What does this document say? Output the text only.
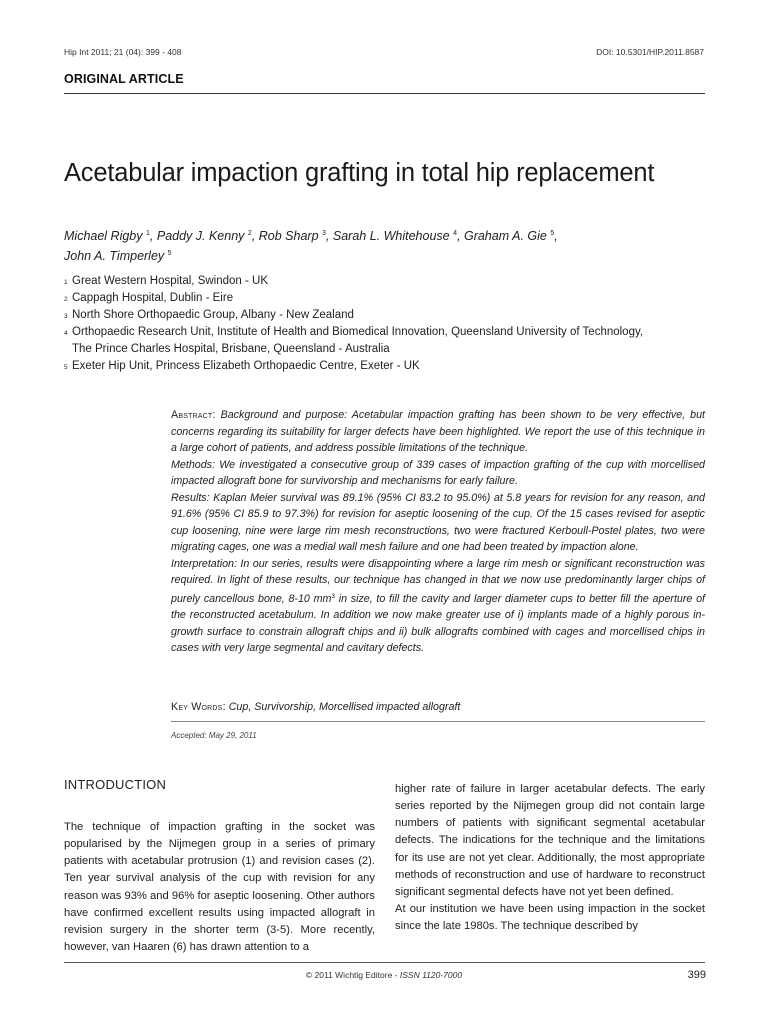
Hip Int 2011; 21 (04): 399 - 408	DOI: 10.5301/HIP.2011.8587
ORIGINAL ARTICLE
Acetabular impaction grafting in total hip replacement
Michael Rigby $^1$, Paddy J. Kenny $^2$, Rob Sharp $^3$, Sarah L. Whitehouse $^4$, Graham A. Gie $^5$,
John A. Timperley $^5$
1 Great Western Hospital, Swindon - UK
2 Cappagh Hospital, Dublin - Eire
3 North Shore Orthopaedic Group, Albany - New Zealand
4 Orthopaedic Research Unit, Institute of Health and Biomedical Innovation, Queensland University of Technology,
The Prince Charles Hospital, Brisbane, Queensland - Australia
5 Exeter Hip Unit, Princess Elizabeth Orthopaedic Centre, Exeter - UK

Abstract: Background and purpose: Acetabular impaction grafting has been shown to be very effective, but concerns regarding its suitability for larger defects have been highlighted. We report the use of this technique in a large cohort of patients, and address possible limitations of the technique.

Methods: We investigated a consecutive group of 339 cases of impaction grafting of the cup with morcellised impacted allograft bone for survivorship and mechanisms for early failure.

Results: Kaplan Meier survival was 89.1% (95% CI 83.2 to 95.0%) at 5.8 years for revision for any reason, and 91.6% (95% CI 85.9 to 97.3%) for revision for aseptic loosening of the cup. Of the 15 cases revised for aseptic cup loosening, nine were large rim mesh reconstructions, two were fractured Kerboull-Postel plates, two were migrating cages, one was a medial wall mesh failure and one had been treated by impaction alone.

Interpretation: In our series, results were disappointing where a large rim mesh or significant reconstruction was required. In light of these results, our technique has changed in that we now use predominantly larger chips of purely cancellous bone, 8-10 $mm^3$ in size, to fill the cavity and larger diameter cups to better fill the aperture of the reconstructed acetabulum. In addition we now make greater use of i) implants made of a highly porous in-growth surface to constrain allograft chips and ii) bulk allografts combined with cages and morcellised chips in cases with very large segmental and cavitary defects.

Key Words: Cup, Survivorship, Morcellised impacted allograft
Accepted: May 29, 2011
INTRODUCTION

The technique of impaction grafting in the socket was popularised by the Nijmegen group in a series of primary patients with acetabular protrusion (1) and revision cases (2). Ten year survival analysis of the cup with revision for any reason was 93% and 96% for aseptic loosening. Other authors have confirmed excellent results using impacted allograft in revision surgery in the shorter term (3-5). More recently, however, van Haaren (6) has drawn attention to a

higher rate of failure in larger acetabular defects. The early series reported by the Nijmegen group did not contain large numbers of patients with significant segmental acetabular defects. The indications for the technique and the limitations for its use are not yet clear. Additionally, the most appropriate methods of reconstruction and use of hardware to reconstruct significant segmental defects have not yet been defined.

At our institution we have been using impaction in the socket since the late 1980s. The technique described by

© 2011 Wichtig Editore - ISSN 1120-7000	399
